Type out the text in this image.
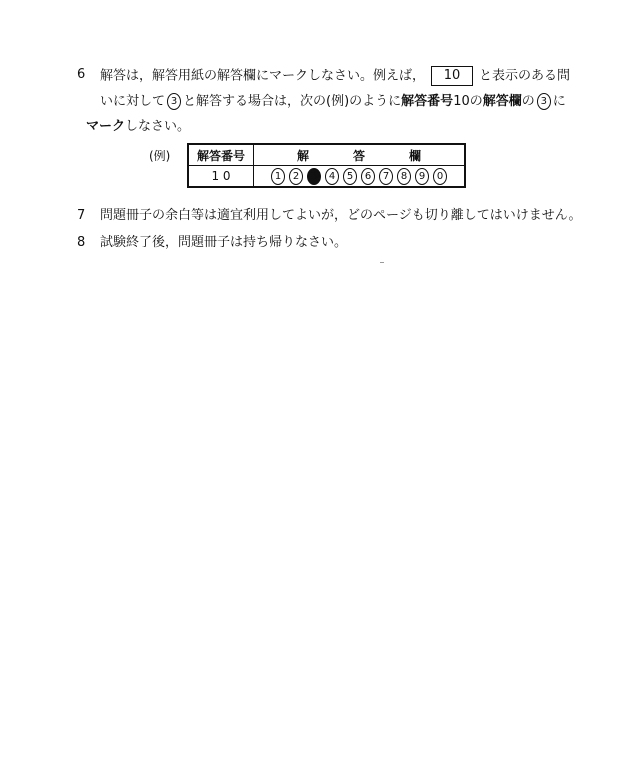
6 解答は，解答用紙の解答欄にマークしなさい。例えば， 10 と表示のある問
いに対して 3 と解答する場合は，次の(例)のように解答番号10の解答欄の 3 に
マークしなさい。
(例) 解答番号	解 答 欄
1 0	1 2 3 4 5 6 7 8 9 0
7 問題冊子の余白等は適宜利用してよいが，どのページも切り離してはいけません。
8 試験終了後，問題冊子は持ち帰りなさい。
